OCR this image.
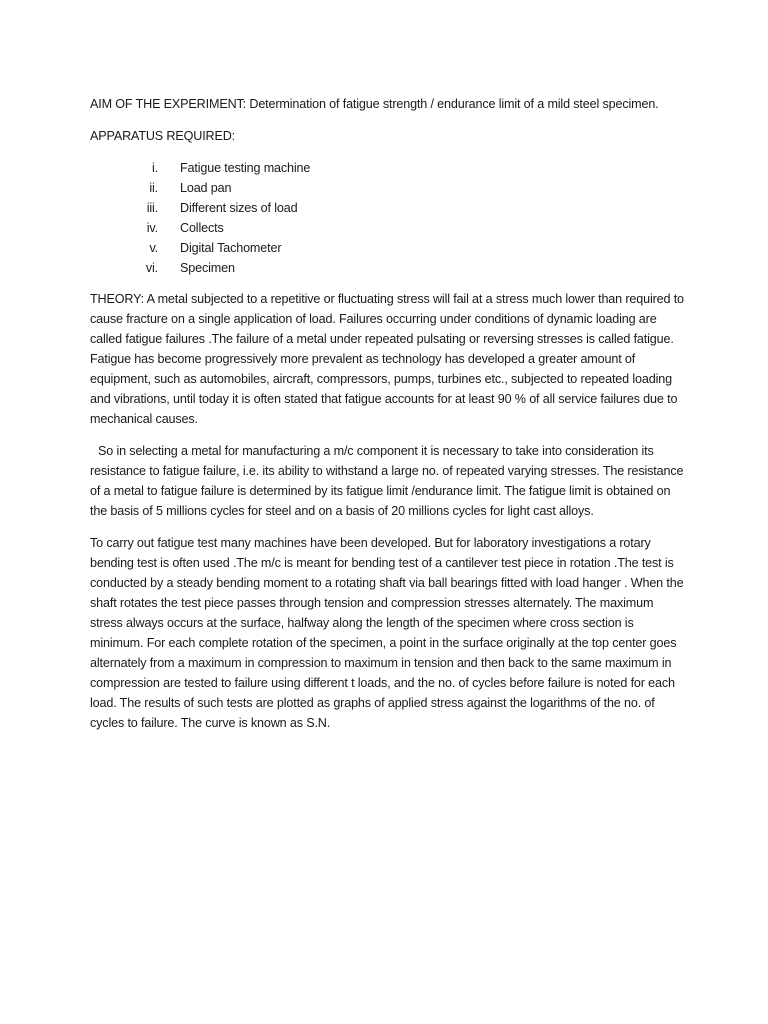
AIM OF THE EXPERIMENT: Determination of fatigue strength / endurance limit of a mild steel specimen.

APPARATUS REQUIRED:

i. Fatigue testing machine
ii. Load pan
iii. Different sizes of load
iv. Collects
v. Digital Tachometer
vi. Specimen

THEORY: A metal subjected to a repetitive or fluctuating stress will fail at a stress much lower than required to cause fracture on a single application of load. Failures occurring under conditions of dynamic loading are called fatigue failures .The failure of a metal under repeated pulsating or reversing stresses is called fatigue. Fatigue has become progressively more prevalent as technology has developed a greater amount of equipment, such as automobiles, aircraft, compressors, pumps, turbines etc., subjected to repeated loading and vibrations, until today it is often stated that fatigue accounts for at least 90 % of all service failures due to mechanical causes.

So in selecting a metal for manufacturing a m/c component it is necessary to take into consideration its resistance to fatigue failure, i.e. its ability to withstand a large no. of repeated varying stresses. The resistance of a metal to fatigue failure is determined by its fatigue limit /endurance limit. The fatigue limit is obtained on the basis of 5 millions cycles for steel and on a basis of 20 millions cycles for light cast alloys.

To carry out fatigue test many machines have been developed. But for laboratory investigations a rotary bending test is often used .The m/c is meant for bending test of a cantilever test piece in rotation .The test is conducted by a steady bending moment to a rotating shaft via ball bearings fitted with load hanger . When the shaft rotates the test piece passes through tension and compression stresses alternately. The maximum stress always occurs at the surface, halfway along the length of the specimen where cross section is minimum. For each complete rotation of the specimen, a point in the surface originally at the top center goes alternately from a maximum in compression to maximum in tension and then back to the same maximum in compression are tested to failure using different t loads, and the no. of cycles before failure is noted for each load. The results of such tests are plotted as graphs of applied stress against the logarithms of the no. of cycles to failure. The curve is known as S.N.
